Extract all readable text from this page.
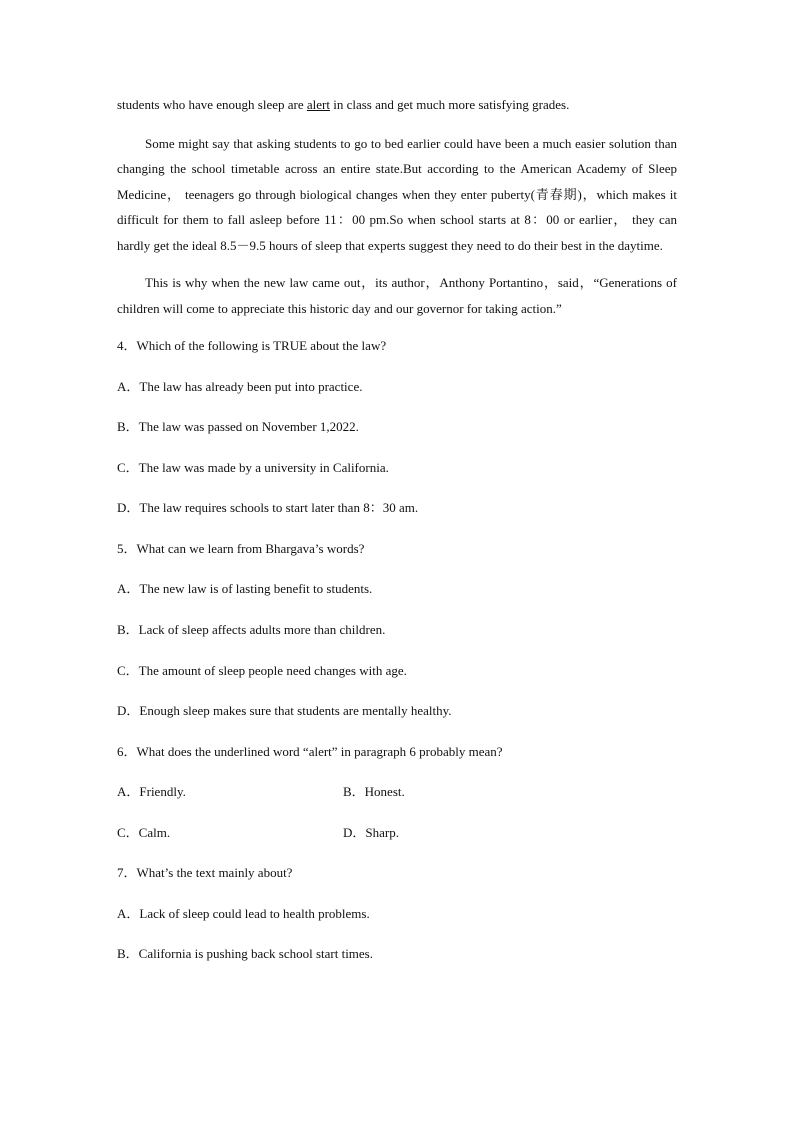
students who have enough sleep are alert in class and get much more satisfying grades.

Some might say that asking students to go to bed earlier could have been a much easier solution than changing the school timetable across an entire state.But according to the American Academy of Sleep Medicine， teenagers go through biological changes when they enter puberty(青春期)，which makes it difficult for them to fall asleep before 11：00 pm.So when school starts at 8：00 or earlier， they can hardly get the ideal 8.5－9.5 hours of sleep that experts suggest they need to do their best in the daytime.

This is why when the new law came out，its author，Anthony Portantino，said，“Generations of children will come to appreciate this historic day and our governor for taking action.”

4．Which of the following is TRUE about the law?

A．The law has already been put into practice.

B．The law was passed on November 1,2022.

C．The law was made by a university in California.

D．The law requires schools to start later than 8：30 am.

5．What can we learn from Bhargava’s words?

A．The new law is of lasting benefit to students.

B．Lack of sleep affects adults more than children.

C．The amount of sleep people need changes with age.

D．Enough sleep makes sure that students are mentally healthy.

6．What does the underlined word “alert” in paragraph 6 probably mean?

A．Friendly.	B．Honest.

C．Calm.	D．Sharp.

7．What’s the text mainly about?

A．Lack of sleep could lead to health problems.

B．California is pushing back school start times.
